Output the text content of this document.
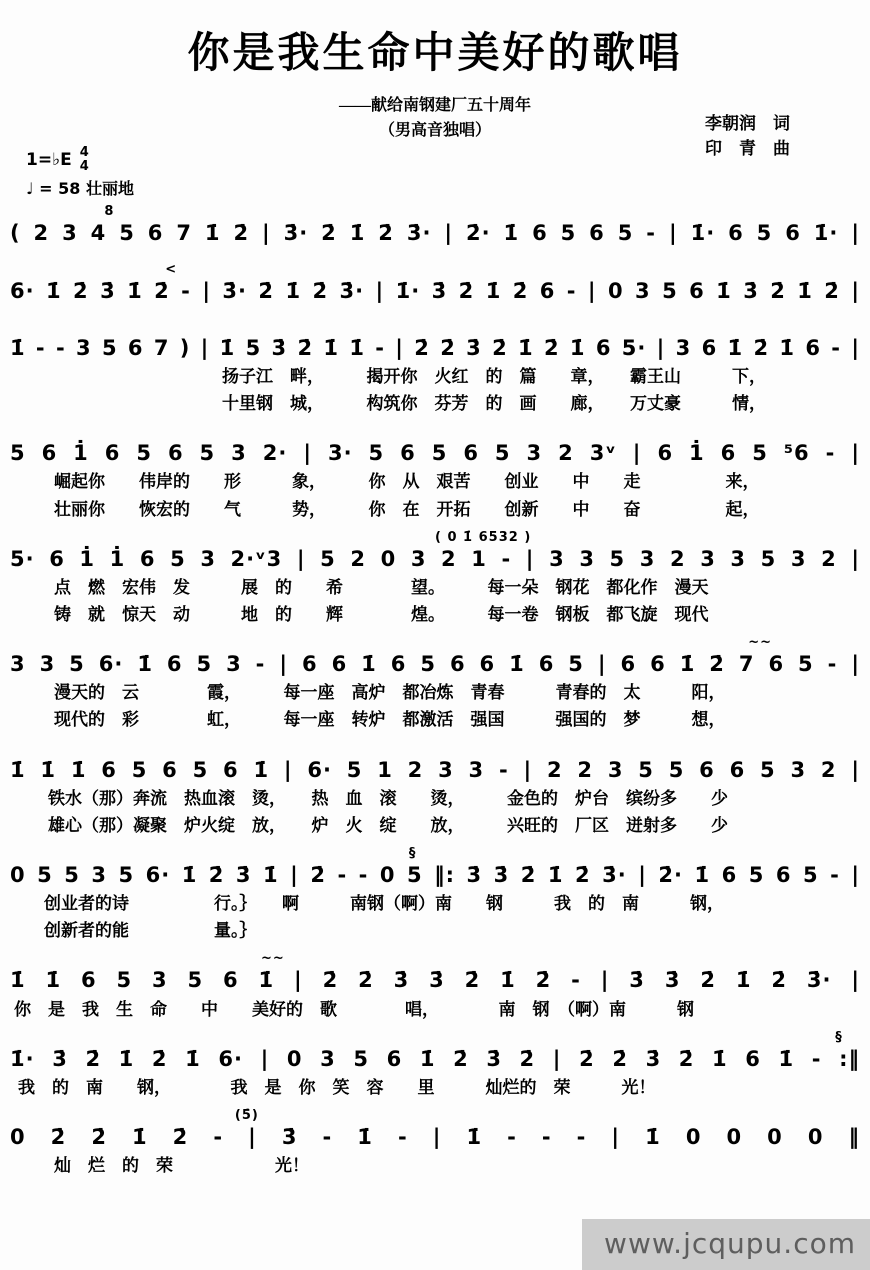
你是我生命中美好的歌唱
——献给南钢建厂五十周年
（男高音独唱）	李朝润　词
印　青　曲
1=♭E 4
4
♩ = 58 壮丽地
8
( 2 3 4 5 6 7 1̇ 2̇ | 3̇· 2̇ 1̇ 2̇ 3̇· | 2̇· 1̇ 6 5 6 5 - | 1̇· 6 5 6 1̇· |
<
6· 1̇ 2̇ 3̇ 1̇ 2̇ - | 3̇· 2̇ 1̇ 2̇ 3̇· | 1̇· 3̇ 2̇ 1̇ 2̇ 6 - | 0 3 5 6 1̇ 3̇ 2̇ 1̇ 2̇ |
1̇ - - 3 5 6 7 ) | 1̇ 5 3̇ 2̇ 1̇ 1̇ - | 2̇ 2̇ 3̇ 2̇ 1̇ 2̇ 1̇ 6 5· | 3 6 1̇ 2̇ 1̇ 6 - |
扬子江　畔，　　　揭开你　火红　的　篇　　章，　　霸王山　　　下，
十里钢　城，　　　构筑你　芬芳　的　画　　廊，　　万丈豪　　　情，
5 6 1̇ 6 5 6 5 3 2· | 3· 5 6 5 6 5 3 2 3ᵛ | 6 1̇ 6 5 ⁵6 - |
崛起你　　伟岸的　　形　　　象，　　　你　从　艰苦　　创业　　中　　走　　　　　来，
壮丽你　　恢宏的　　气　　　势，　　　你　在　开拓　　创新　　中　　奋　　　　　起，
( 0 1̇ 6532 )
5· 6 1̇ 1̇ 6 5 3 2·ᵛ3 | 5 2 0 3 2 1 - | 3 3 5 3 2 3 3 5 3 2 |
点　燃　宏伟　发　　　展　的　　希　　　　望。　　　每一朵　钢花　都化作　漫天
铸　就　惊天　动　　　地　的　　辉　　　　煌。　　　每一卷　钢板　都飞旋　现代
~~
3 3 5 6· 1̇ 6 5 3 - | 6 6 1̇ 6 5 6 6 1̇ 6 5 | 6 6 1̇ 2̇ 7 6 5 - |
漫天的　云　　　　霞，　　　每一座　高炉　都冶炼　青春　　　青春的　太　　　阳，
现代的　彩　　　　虹，　　　每一座　转炉　都激活　强国　　　强国的　梦　　　想，
1̇ 1̇ 1̇ 6 5 6 5 6 1̇ | 6· 5 1 2 3 3 - | 2 2 3 5 5 6 6 5 3 2 |
铁水（那）奔流　热血滚　烫，　　热　血　滚　　烫，　　　金色的　炉台　缤纷多　　少
雄心（那）凝聚　炉火绽　放，　　炉　火　绽　　放，　　　兴旺的　厂区　迸射多　　少
§
0 5 5 3 5 6· 1̇ 2̇ 3̇ 1̇ | 2̇ - - 0 5 ‖: 3̇ 3̇ 2̇ 1̇ 2̇ 3̇· | 2̇· 1̇ 6 5 6 5 - |
创业者的诗　　　　　行。｝　　啊　　　南钢（啊）南　　钢　　　我　的　南　　　钢，
创新者的能　　　　　量。｝
~~
1̇ 1̇ 6 5 3 5 6 1̇ | 2̇ 2̇ 3̇ 3̇ 2̇ 1̇ 2̇ - | 3̇ 3̇ 2̇ 1̇ 2̇ 3̇· |
你　是　我　生　命　　中　　美好的　歌　　　　唱，　　　　南　钢　（啊）南　　　钢
§
1̇· 3̇ 2̇ 1̇ 2̇ 1̇ 6· | 0 3 5 6 1̇ 2̇ 3̇ 2̇ | 2̇ 2̇ 3̇ 2̇ 1̇ 6 1̇ - :‖
我　的　南　　钢，　　　　我　是　你　笑　容　　里　　　灿烂的　荣　　　光！
(5̇)
0 2̇ 2̇ 1̇ 2̇ - | 3̇ - 1̇ - | 1̇ - - - | 1̇ 0 0 0 0 ‖
灿　烂　的　荣　　　　　　光！
www.jcqupu.com
